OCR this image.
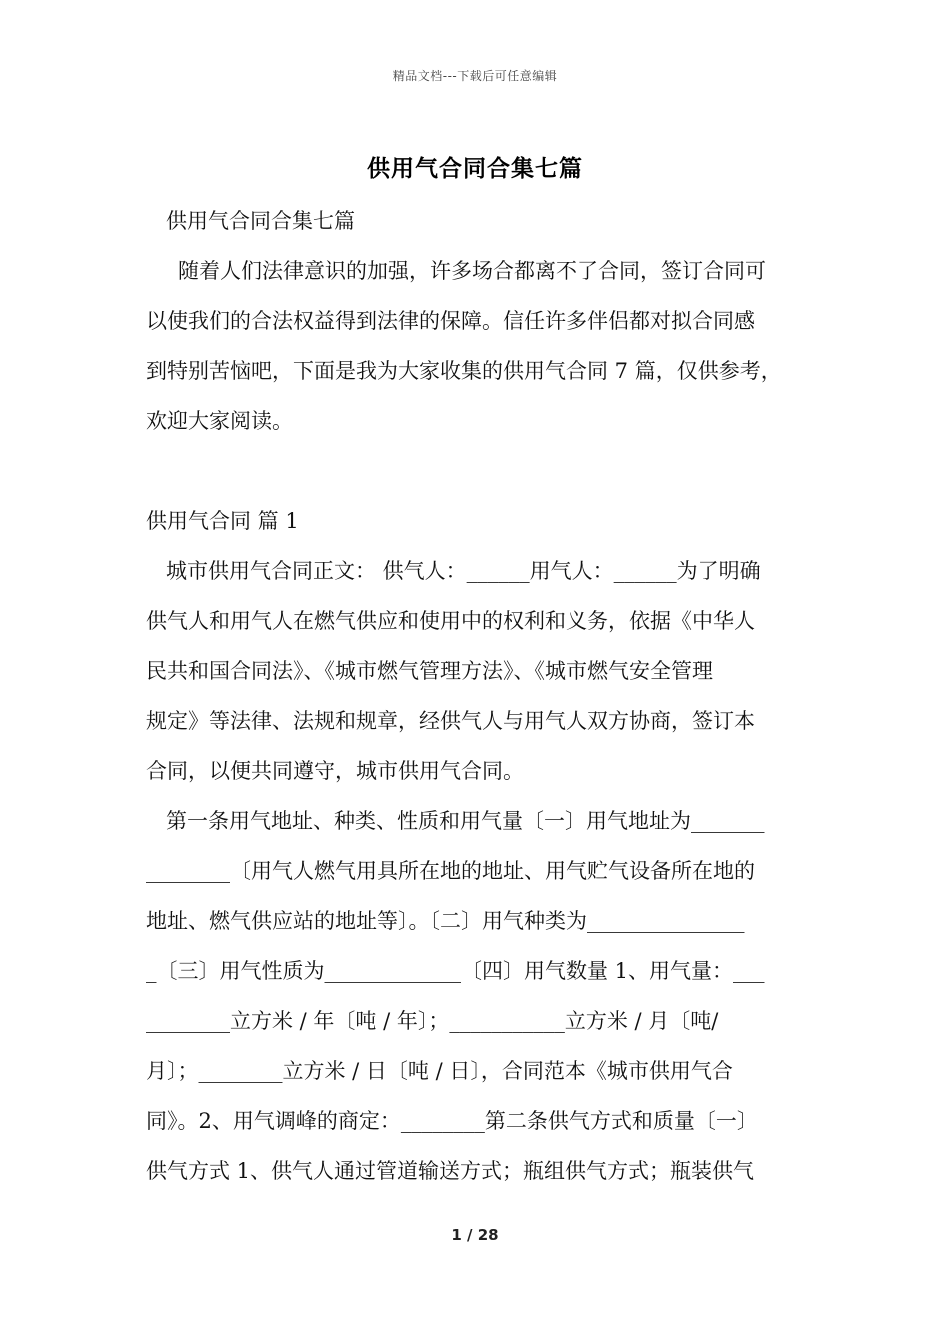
精品文档---下载后可任意编辑
供用气合同合集七篇
供用气合同合集七篇
随着人们法律意识的加强，许多场合都离不了合同，签订合同可
以使我们的合法权益得到法律的保障。信任许多伴侣都对拟合同感
到特别苦恼吧，下面是我为大家收集的供用气合同 7 篇，仅供参考，
欢迎大家阅读。
供用气合同 篇 1
城市供用气合同正文： 供气人：______用气人：______为了明确
供气人和用气人在燃气供应和使用中的权利和义务，依据《中华人
民共和国合同法》、《城市燃气管理方法》、《城市燃气安全管理
规定》等法律、法规和规章，经供气人与用气人双方协商，签订本
合同，以便共同遵守，城市供用气合同。
第一条用气地址、种类、性质和用气量〔一〕用气地址为_______
________〔用气人燃气用具所在地的地址、用气贮气设备所在地的
地址、燃气供应站的地址等〕。〔二〕用气种类为_______________
_〔三〕用气性质为_____________〔四〕用气数量 1、用气量：___
________立方米 / 年〔吨 / 年〕；___________立方米 / 月〔吨/
月〕；________立方米 / 日〔吨 / 日〕，合同范本《城市供用气合
同》。2、用气调峰的商定：________第二条供气方式和质量〔一〕
供气方式 1、供气人通过管道输送方式；瓶组供气方式；瓶装供气
1 / 28
